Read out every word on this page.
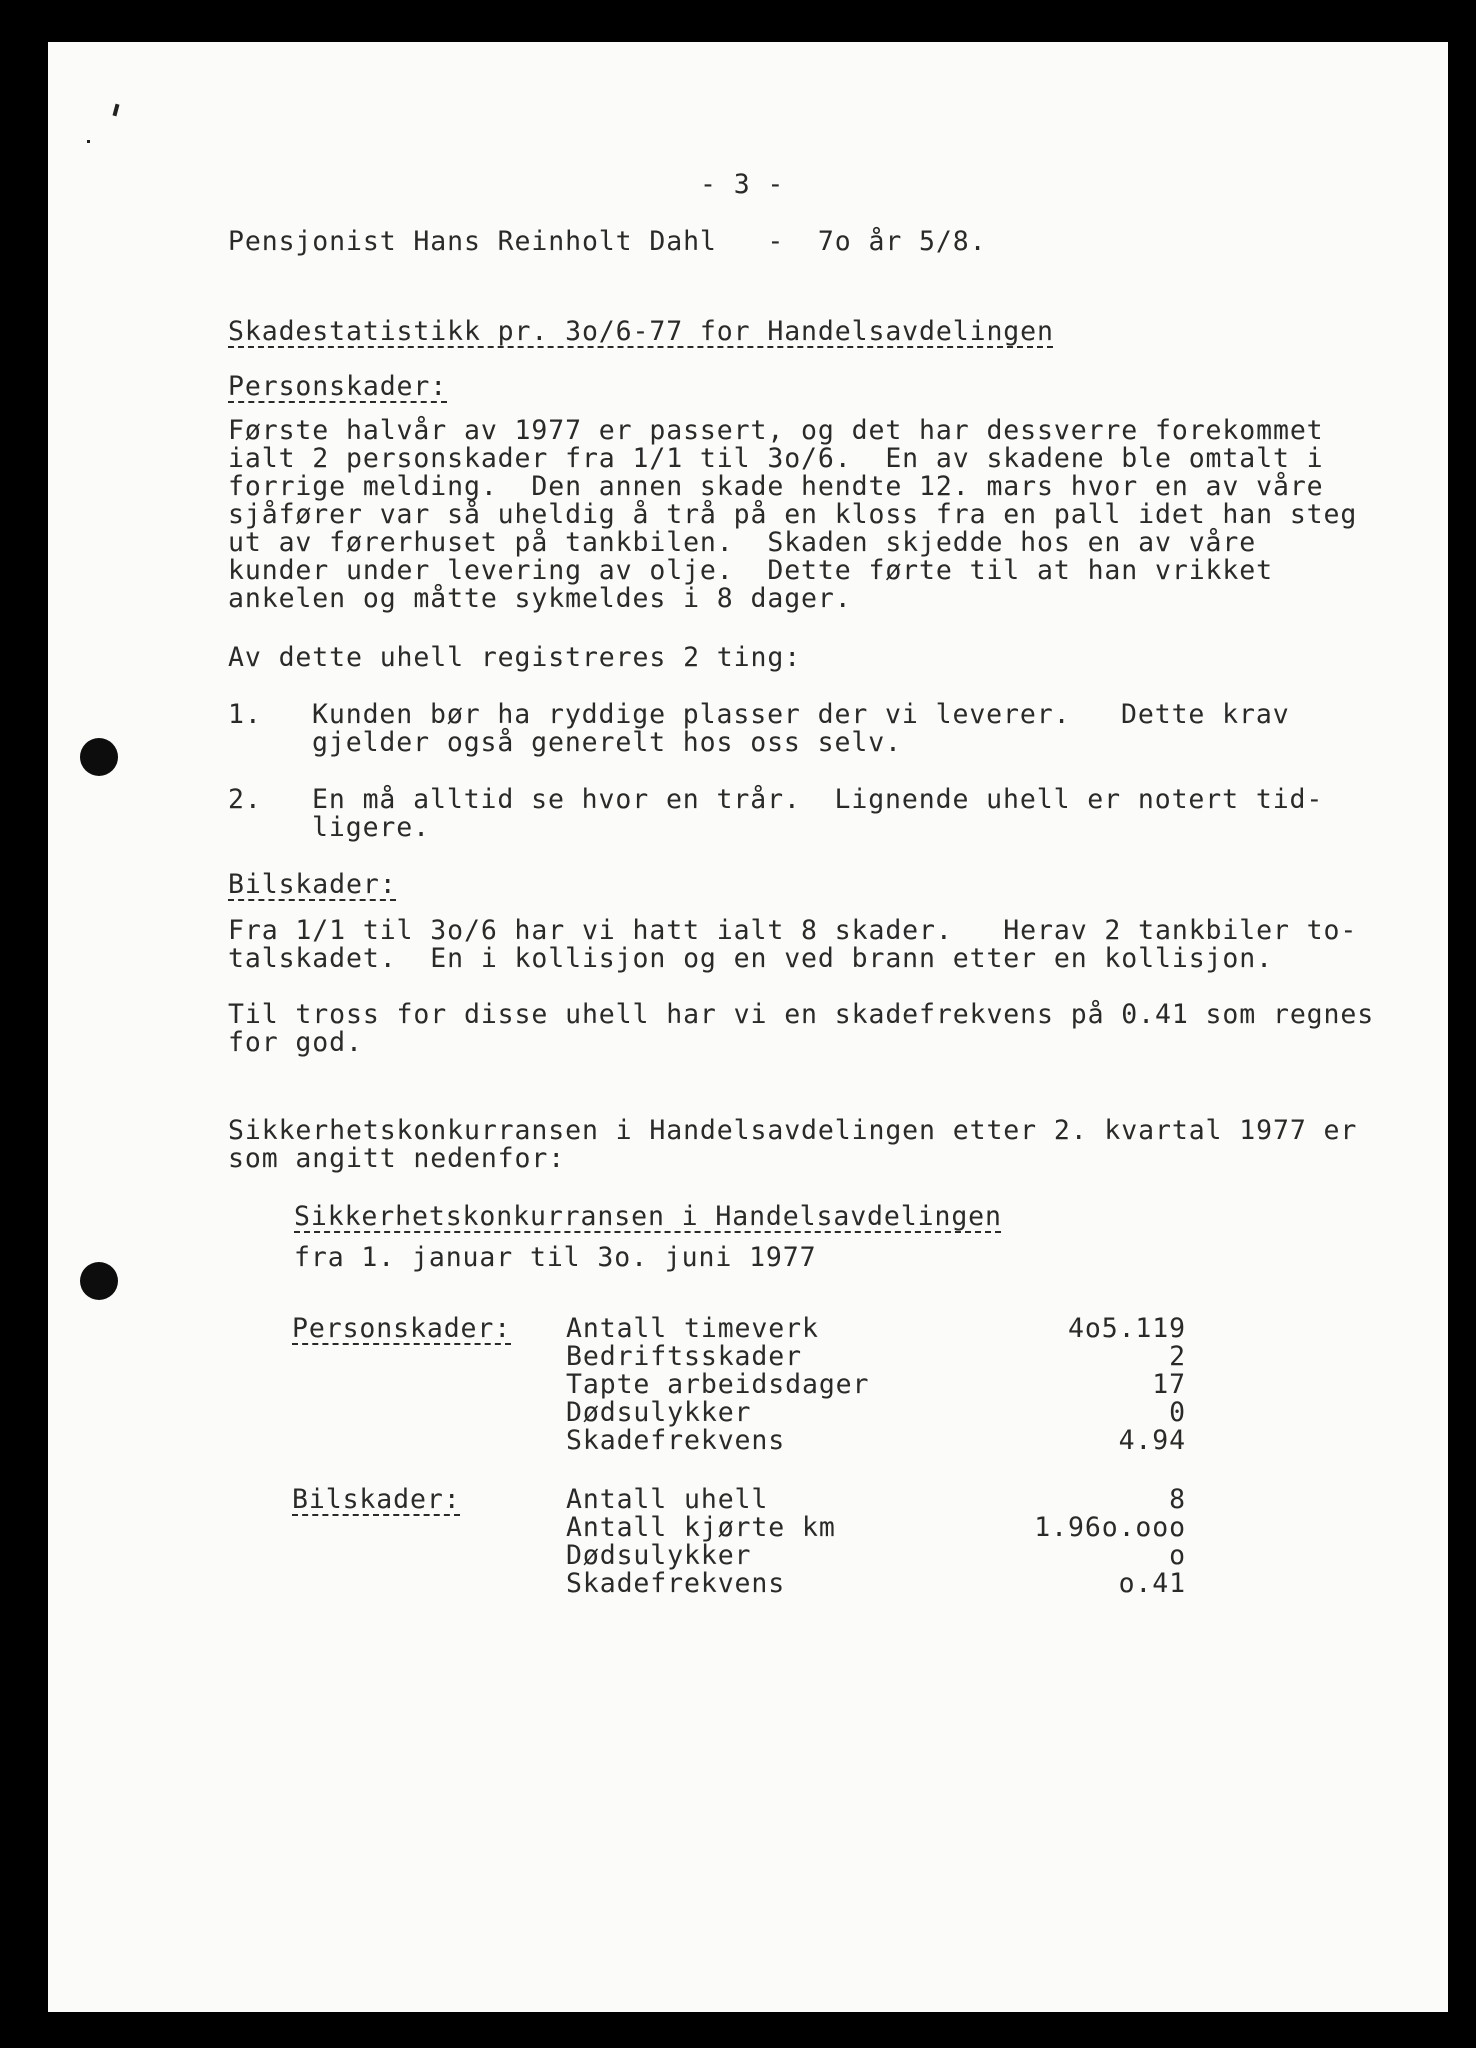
- 3 -
Pensjonist Hans Reinholt Dahl   -  7o år 5/8.
Skadestatistikk pr. 3o/6-77 for Handelsavdelingen
Personskader:
Første halvår av 1977 er passert, og det har dessverre forekommet
ialt 2 personskader fra 1/1 til 3o/6.  En av skadene ble omtalt i
forrige melding.  Den annen skade hendte 12. mars hvor en av våre
sjåfører var så uheldig å trå på en kloss fra en pall idet han steg
ut av førerhuset på tankbilen.  Skaden skjedde hos en av våre
kunder under levering av olje.  Dette førte til at han vrikket
ankelen og måtte sykmeldes i 8 dager.
Av dette uhell registreres 2 ting:
1. Kunden bør ha ryddige plasser der vi leverer.   Dette krav
gjelder også generelt hos oss selv.
2. En må alltid se hvor en trår.  Lignende uhell er notert tid-
ligere.
Bilskader:
Fra 1/1 til 3o/6 har vi hatt ialt 8 skader.   Herav 2 tankbiler to-
talskadet.  En i kollisjon og en ved brann etter en kollisjon.
Til tross for disse uhell har vi en skadefrekvens på 0.41 som regnes
for god.
Sikkerhetskonkurransen i Handelsavdelingen etter 2. kvartal 1977 er
som angitt nedenfor:
Sikkerhetskonkurransen i Handelsavdelingen
fra 1. januar til 3o. juni 1977
Personskader: Antall timeverk	4o5.119
Bedriftsskader	2
Tapte arbeidsdager	17
Dødsulykker	0
Skadefrekvens	4.94
Bilskader:	Antall uhell	8
Antall kjørte km	1.96o.ooo
Dødsulykker	o
Skadefrekvens	o.41
